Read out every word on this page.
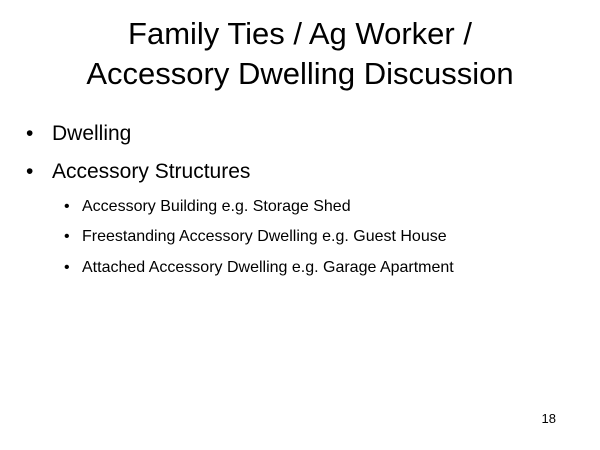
Family Ties / Ag Worker /
Accessory Dwelling Discussion
• Dwelling
• Accessory Structures
• Accessory Building e.g. Storage Shed
• Freestanding Accessory Dwelling e.g. Guest House
• Attached Accessory Dwelling e.g. Garage Apartment
18
